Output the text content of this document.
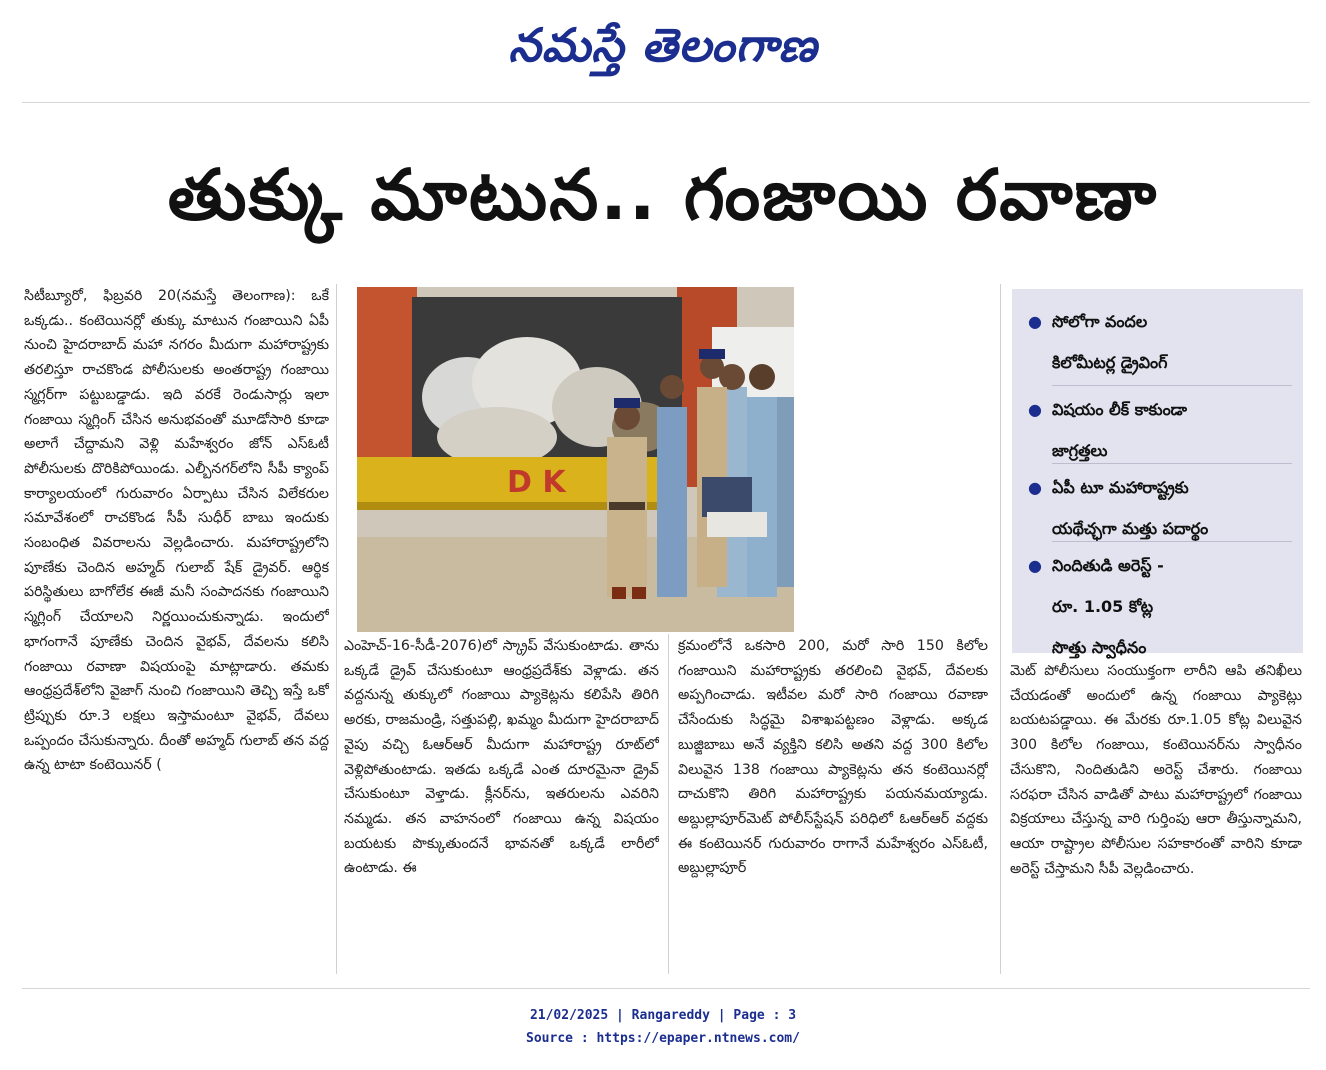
నమస్తే తెలంగాణ
తుక్కు మాటున.. గంజాయి రవాణా

సిటీబ్యూరో, ఫిబ్రవరి 20(నమస్తే తెలంగాణ): ఒకే ఒక్కడు.. కంటెయినర్లో తుక్కు మాటున గంజాయిని ఏపీ నుంచి హైదరాబాద్ మహా నగరం మీదుగా మహారాష్ట్రకు తరలిస్తూ రాచకొండ పోలీసులకు అంతరాష్ట్ర గంజాయి స్మగ్లర్‌గా పట్టుబడ్డాడు. ఇది వరకే రెండుసార్లు ఇలా గంజాయి స్మగ్లింగ్ చేసిన అనుభవంతో మూడోసారి కూడా అలాగే చేద్దామని వెళ్లి మహేశ్వరం జోన్ ఎస్‌ఓటీ పోలీసులకు దొరికిపోయిండు. ఎల్బీనగర్‌లోని సీపీ క్యాంప్ కార్యాలయంలో గురువారం ఏర్పాటు చేసిన విలేకరుల సమావేశంలో రాచకొండ సీపీ సుధీర్ బాబు ఇందుకు సంబంధిత వివరాలను వెల్లడించారు. మహారాష్ట్రలోని పూణేకు చెందిన అహ్మద్ గులాబ్ షేక్ డ్రైవర్. ఆర్థిక పరిస్థితులు బాగోలేక ఈజీ మనీ సంపాదనకు గంజాయిని స్మగ్లింగ్ చేయాలని నిర్ణయించుకున్నాడు. ఇందులో భాగంగానే పూణేకు చెందిన వైభవ్, దేవలను కలిసి గంజాయి రవాణా విషయంపై మాట్లాడారు. తమకు ఆంధ్రప్రదేశ్‌లోని వైజాగ్ నుంచి గంజాయిని తెచ్చి ఇస్తే ఒకో ట్రిప్పుకు రూ.3 లక్షలు ఇస్తామంటూ వైభవ్, దేవలు ఒప్పందం చేసుకున్నారు. దీంతో అహ్మద్ గులాబ్ తన వద్ద ఉన్న టాటా కంటెయినర్ (

D K
● సోలోగా వందల
కిలోమీటర్ల డ్రైవింగ్
● విషయం లీక్ కాకుండా
జాగ్రత్తలు
● ఏపీ టూ మహారాష్ట్రకు
యథేచ్ఛగా మత్తు పదార్థం
● నిందితుడి అరెస్ట్ -
రూ. 1.05 కోట్ల
సొత్తు స్వాధీనం

ఎంహెచ్-16-సీడీ-2076)లో స్క్రాప్ వేసుకుంటాడు. తాను ఒక్కడే డ్రైవ్ చేసుకుంటూ ఆంధ్రప్రదేశ్‌కు వెళ్లాడు. తన వద్దనున్న తుక్కులో గంజాయి ప్యాకెట్లను కలిపేసి తిరిగి అరకు, రాజమండ్రి, సత్తుపల్లి, ఖమ్మం మీదుగా హైదరాబాద్ వైపు వచ్చి ఓఆర్ఆర్ మీదుగా మహారాష్ట్ర రూట్‌లో వెళ్లిపోతుంటాడు. ఇతడు ఒక్కడే ఎంత దూరమైనా డ్రైవ్ చేసుకుంటూ వెళ్తాడు. క్లీనర్‌ను, ఇతరులను ఎవరిని నమ్మడు. తన వాహనంలో గంజాయి ఉన్న విషయం బయటకు పొక్కుతుందనే భావనతో ఒక్కడే లారీలో ఉంటాడు. ఈ

క్రమంలోనే ఒకసారి 200, మరో సారి 150 కిలోల గంజాయిని మహారాష్ట్రకు తరలించి వైభవ్, దేవలకు అప్పగించాడు. ఇటీవల మరో సారి గంజాయి రవాణా చేసేందుకు సిద్ధమై విశాఖపట్టణం వెళ్లాడు. అక్కడ బుజ్జిబాబు అనే వ్యక్తిని కలిసి అతని వద్ద 300 కిలోల విలువైన 138 గంజాయి ప్యాకెట్లను తన కంటెయినర్లో దాచుకొని తిరిగి మహారాష్ట్రకు పయనమయ్యాడు. అబ్దుల్లాపూర్‌మెట్ పోలీస్‌స్టేషన్ పరిధిలో ఓఆర్‌ఆర్ వద్దకు ఈ కంటెయినర్ గురువారం రాగానే మహేశ్వరం ఎస్‌ఓటీ, అబ్దుల్లాపూర్

మెట్ పోలీసులు సంయుక్తంగా లారీని ఆపి తనిఖీలు చేయడంతో అందులో ఉన్న గంజాయి ప్యాకెట్లు బయటపడ్డాయి. ఈ మేరకు రూ.1.05 కోట్ల విలువైన 300 కిలోల గంజాయి, కంటెయినర్‌ను స్వాధీనం చేసుకొని, నిందితుడిని అరెస్ట్ చేశారు. గంజాయి సరఫరా చేసిన వాడితో పాటు మహారాష్ట్రలో గంజాయి విక్రయాలు చేస్తున్న వారి గుర్తింపు ఆరా తీస్తున్నామని, ఆయా రాష్ట్రాల పోలీసుల సహకారంతో వారిని కూడా అరెస్ట్ చేస్తామని సీపీ వెల్లడించారు.

21/02/2025 | Rangareddy | Page : 3
Source : https://epaper.ntnews.com/
